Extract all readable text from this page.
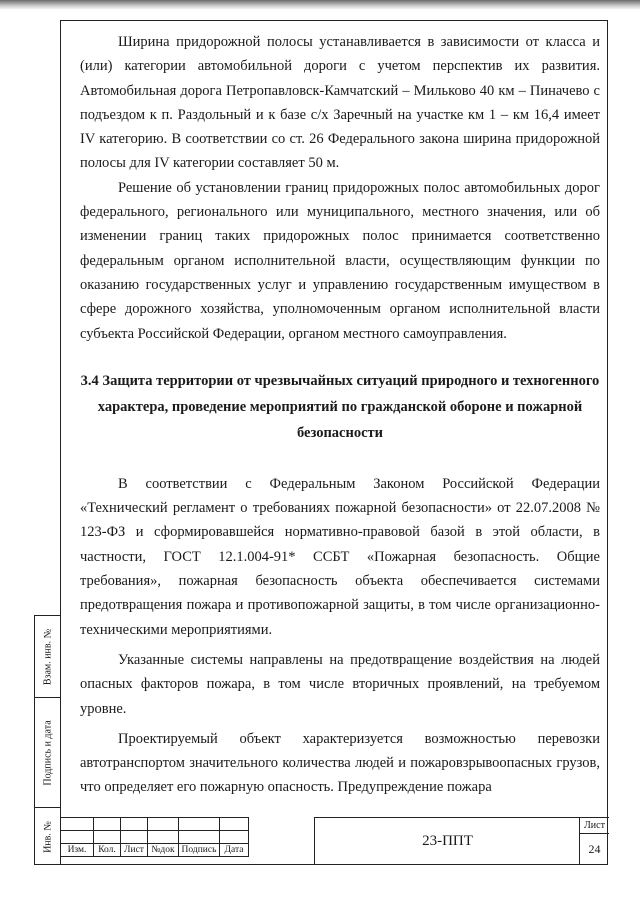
Взам. инв. №
Подпись и дата
Инв. №

Ширина придорожной полосы устанавливается в зависимости от класса и (или) категории автомобильной дороги с учетом перспектив их развития. Автомобильная дорога Петропавловск-Камчатский – Мильково 40 км – Пиначево с подъездом к п. Раздольный и к базе с/х Заречный на участке км 1 – км 16,4 имеет IV категорию. В соответствии со ст. 26 Федерального закона ширина придорожной полосы для IV категории составляет 50 м.

Решение об установлении границ придорожных полос автомобильных дорог федерального, регионального или муниципального, местного значения, или об изменении границ таких придорожных полос принимается соответственно федеральным органом исполнительной власти, осуществляющим функции по оказанию государственных услуг и управлению государственным имуществом в сфере дорожного хозяйства, уполномоченным органом исполнительной власти субъекта Российской Федерации, органом местного самоуправления.

3.4 Защита территории от чрезвычайных ситуаций природного и техногенного характера, проведение мероприятий по гражданской обороне и пожарной безопасности

В соответствии с Федеральным Законом Российской Федерации «Технический регламент о требованиях пожарной безопасности» от 22.07.2008 № 123-ФЗ и сформировавшейся нормативно-правовой базой в этой области, в частности, ГОСТ 12.1.004-91* ССБТ «Пожарная безопасность. Общие требования», пожарная безопасность объекта обеспечивается системами предотвращения пожара и противопожарной защиты, в том числе организационно-техническими мероприятиями.

Указанные системы направлены на предотвращение воздействия на людей опасных факторов пожара, в том числе вторичных проявлений, на требуемом уровне.

Проектируемый объект характеризуется возможностью перевозки автотранспортом значительного количества людей и пожаровзрывоопасных грузов, что определяет его пожарную опасность. Предупреждение пожара

Изм.	Кол.	Лист	№док	Подпись	Дата
23-ППТ
Лист
24
